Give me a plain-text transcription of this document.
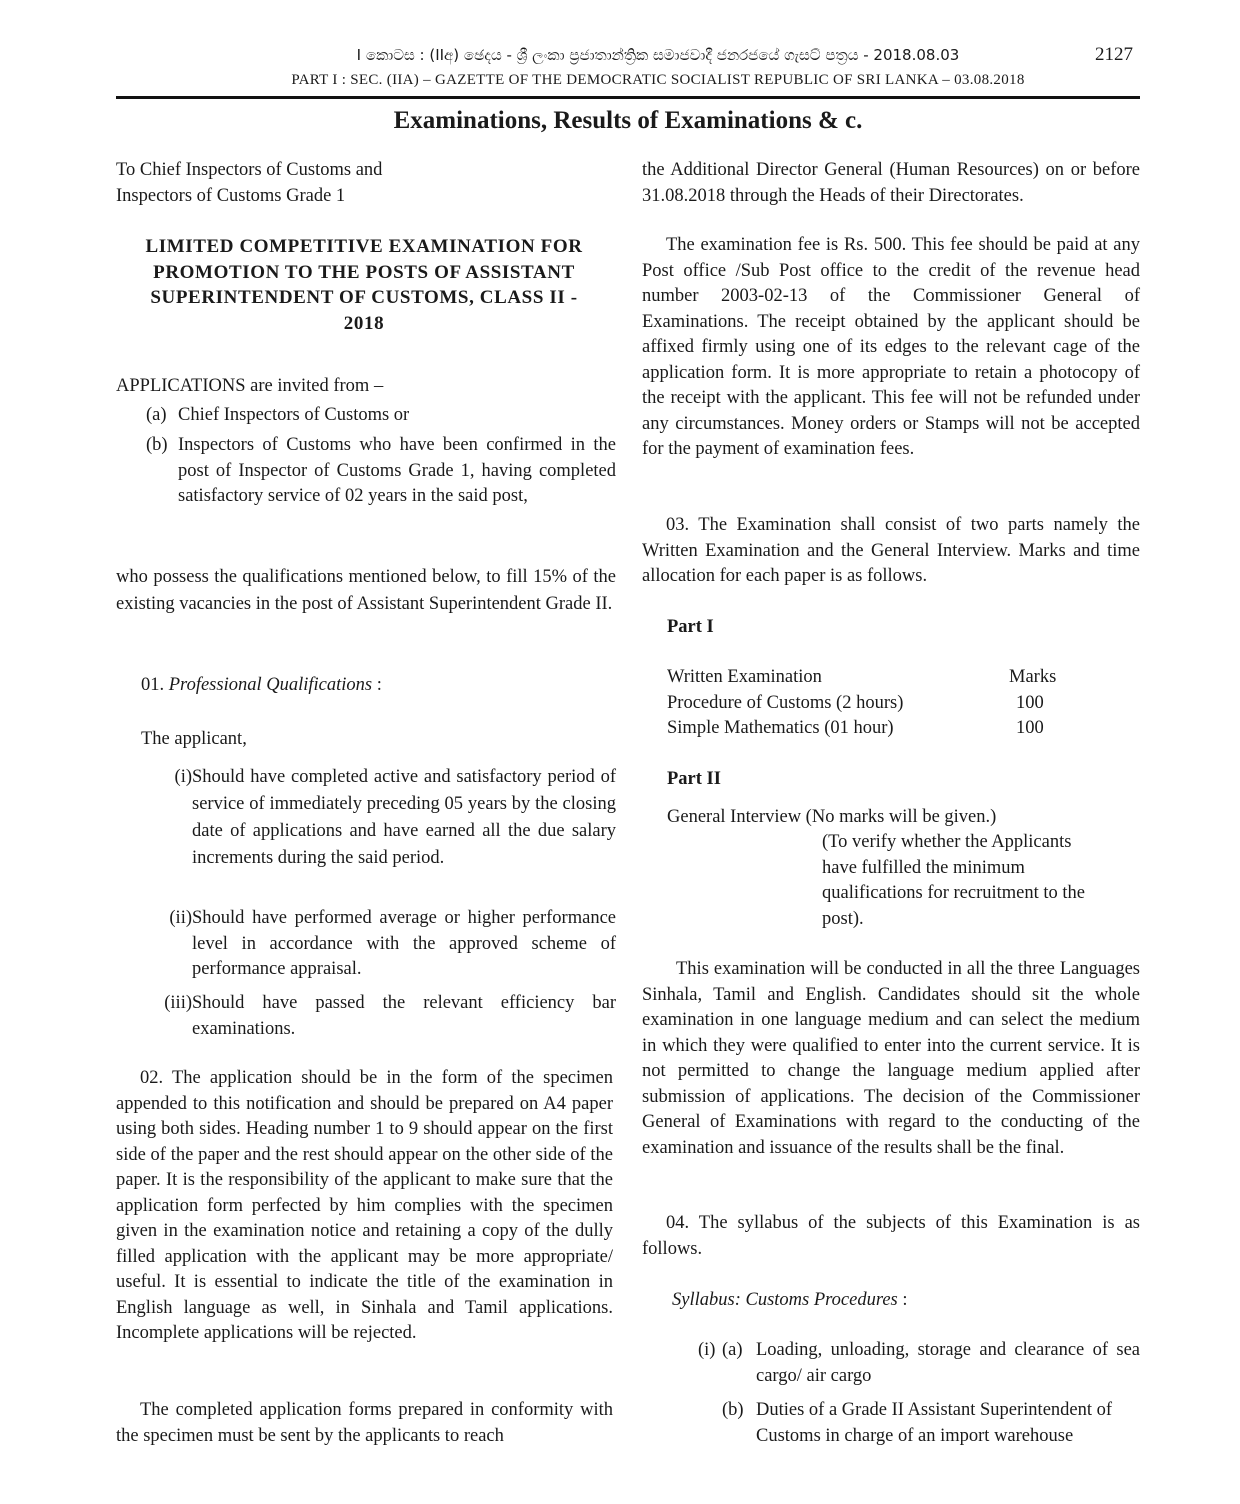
I කොටස : (IIඅ) ඡෙදය - ශ්‍රී ලංකා ප්‍රජාතාන්ත්‍රික සමාජවාදී ජනරජයේ ගැසට් පත්‍රය - 2018.08.03	2127
PART I : SEC. (IIA) – GAZETTE OF THE DEMOCRATIC SOCIALIST REPUBLIC OF SRI LANKA – 03.08.2018
Examinations, Results of Examinations & c.
To Chief Inspectors of Customs and
Inspectors of Customs Grade 1
LIMITED COMPETITIVE EXAMINATION FOR PROMOTION TO THE POSTS OF ASSISTANT SUPERINTENDENT OF CUSTOMS, CLASS II - 2018
APPLICATIONS are invited from –
(a) Chief Inspectors of Customs or
(b) Inspectors of Customs who have been confirmed in the post of Inspector of Customs Grade 1, having completed satisfactory service of 02 years in the said post,
who possess the qualifications mentioned below, to fill 15% of the existing vacancies in the post of Assistant Superintendent Grade II.
01. Professional Qualifications :
The applicant,
(i) Should have completed active and satisfactory period of service of immediately preceding 05 years by the closing date of applications and have earned all the due salary increments during the said period.
(ii) Should have performed average or higher performance level in accordance with the approved scheme of performance appraisal.
(iii) Should have passed the relevant efficiency bar examinations.
02. The application should be in the form of the specimen appended to this notification and should be prepared on A4 paper using both sides. Heading number 1 to 9 should appear on the first side of the paper and the rest should appear on the other side of the paper. It is the responsibility of the applicant to make sure that the application form perfected by him complies with the specimen given in the examination notice and retaining a copy of the dully filled application with the applicant may be more appropriate/ useful. It is essential to indicate the title of the examination in English language as well, in Sinhala and Tamil applications. Incomplete applications will be rejected.
The completed application forms prepared in conformity with the specimen must be sent by the applicants to reach
the Additional Director General (Human Resources) on or before 31.08.2018 through the Heads of their Directorates.
The examination fee is Rs. 500. This fee should be paid at any Post office /Sub Post office to the credit of the revenue head number 2003-02-13 of the Commissioner General of Examinations. The receipt obtained by the applicant should be affixed firmly using one of its edges to the relevant cage of the application form. It is more appropriate to retain a photocopy of the receipt with the applicant. This fee will not be refunded under any circumstances. Money orders or Stamps will not be accepted for the payment of examination fees.
03. The Examination shall consist of two parts namely the Written Examination and the General Interview. Marks and time allocation for each paper is as follows.
Part I
Written Examination	Marks
Procedure of Customs (2 hours)	100
Simple Mathematics (01 hour)	100
Part II
General Interview (No marks will be given.)
(To verify whether the Applicants
have fulfilled the minimum
qualifications for recruitment to the
post).
This examination will be conducted in all the three Languages Sinhala, Tamil and English. Candidates should sit the whole examination in one language medium and can select the medium in which they were qualified to enter into the current service. It is not permitted to change the language medium applied after submission of applications. The decision of the Commissioner General of Examinations with regard to the conducting of the examination and issuance of the results shall be the final.
04. The syllabus of the subjects of this Examination is as follows.
Syllabus: Customs Procedures :
(i) (a) Loading, unloading, storage and clearance of sea cargo/ air cargo
(b) Duties of a Grade II Assistant Superintendent of Customs in charge of an import warehouse
